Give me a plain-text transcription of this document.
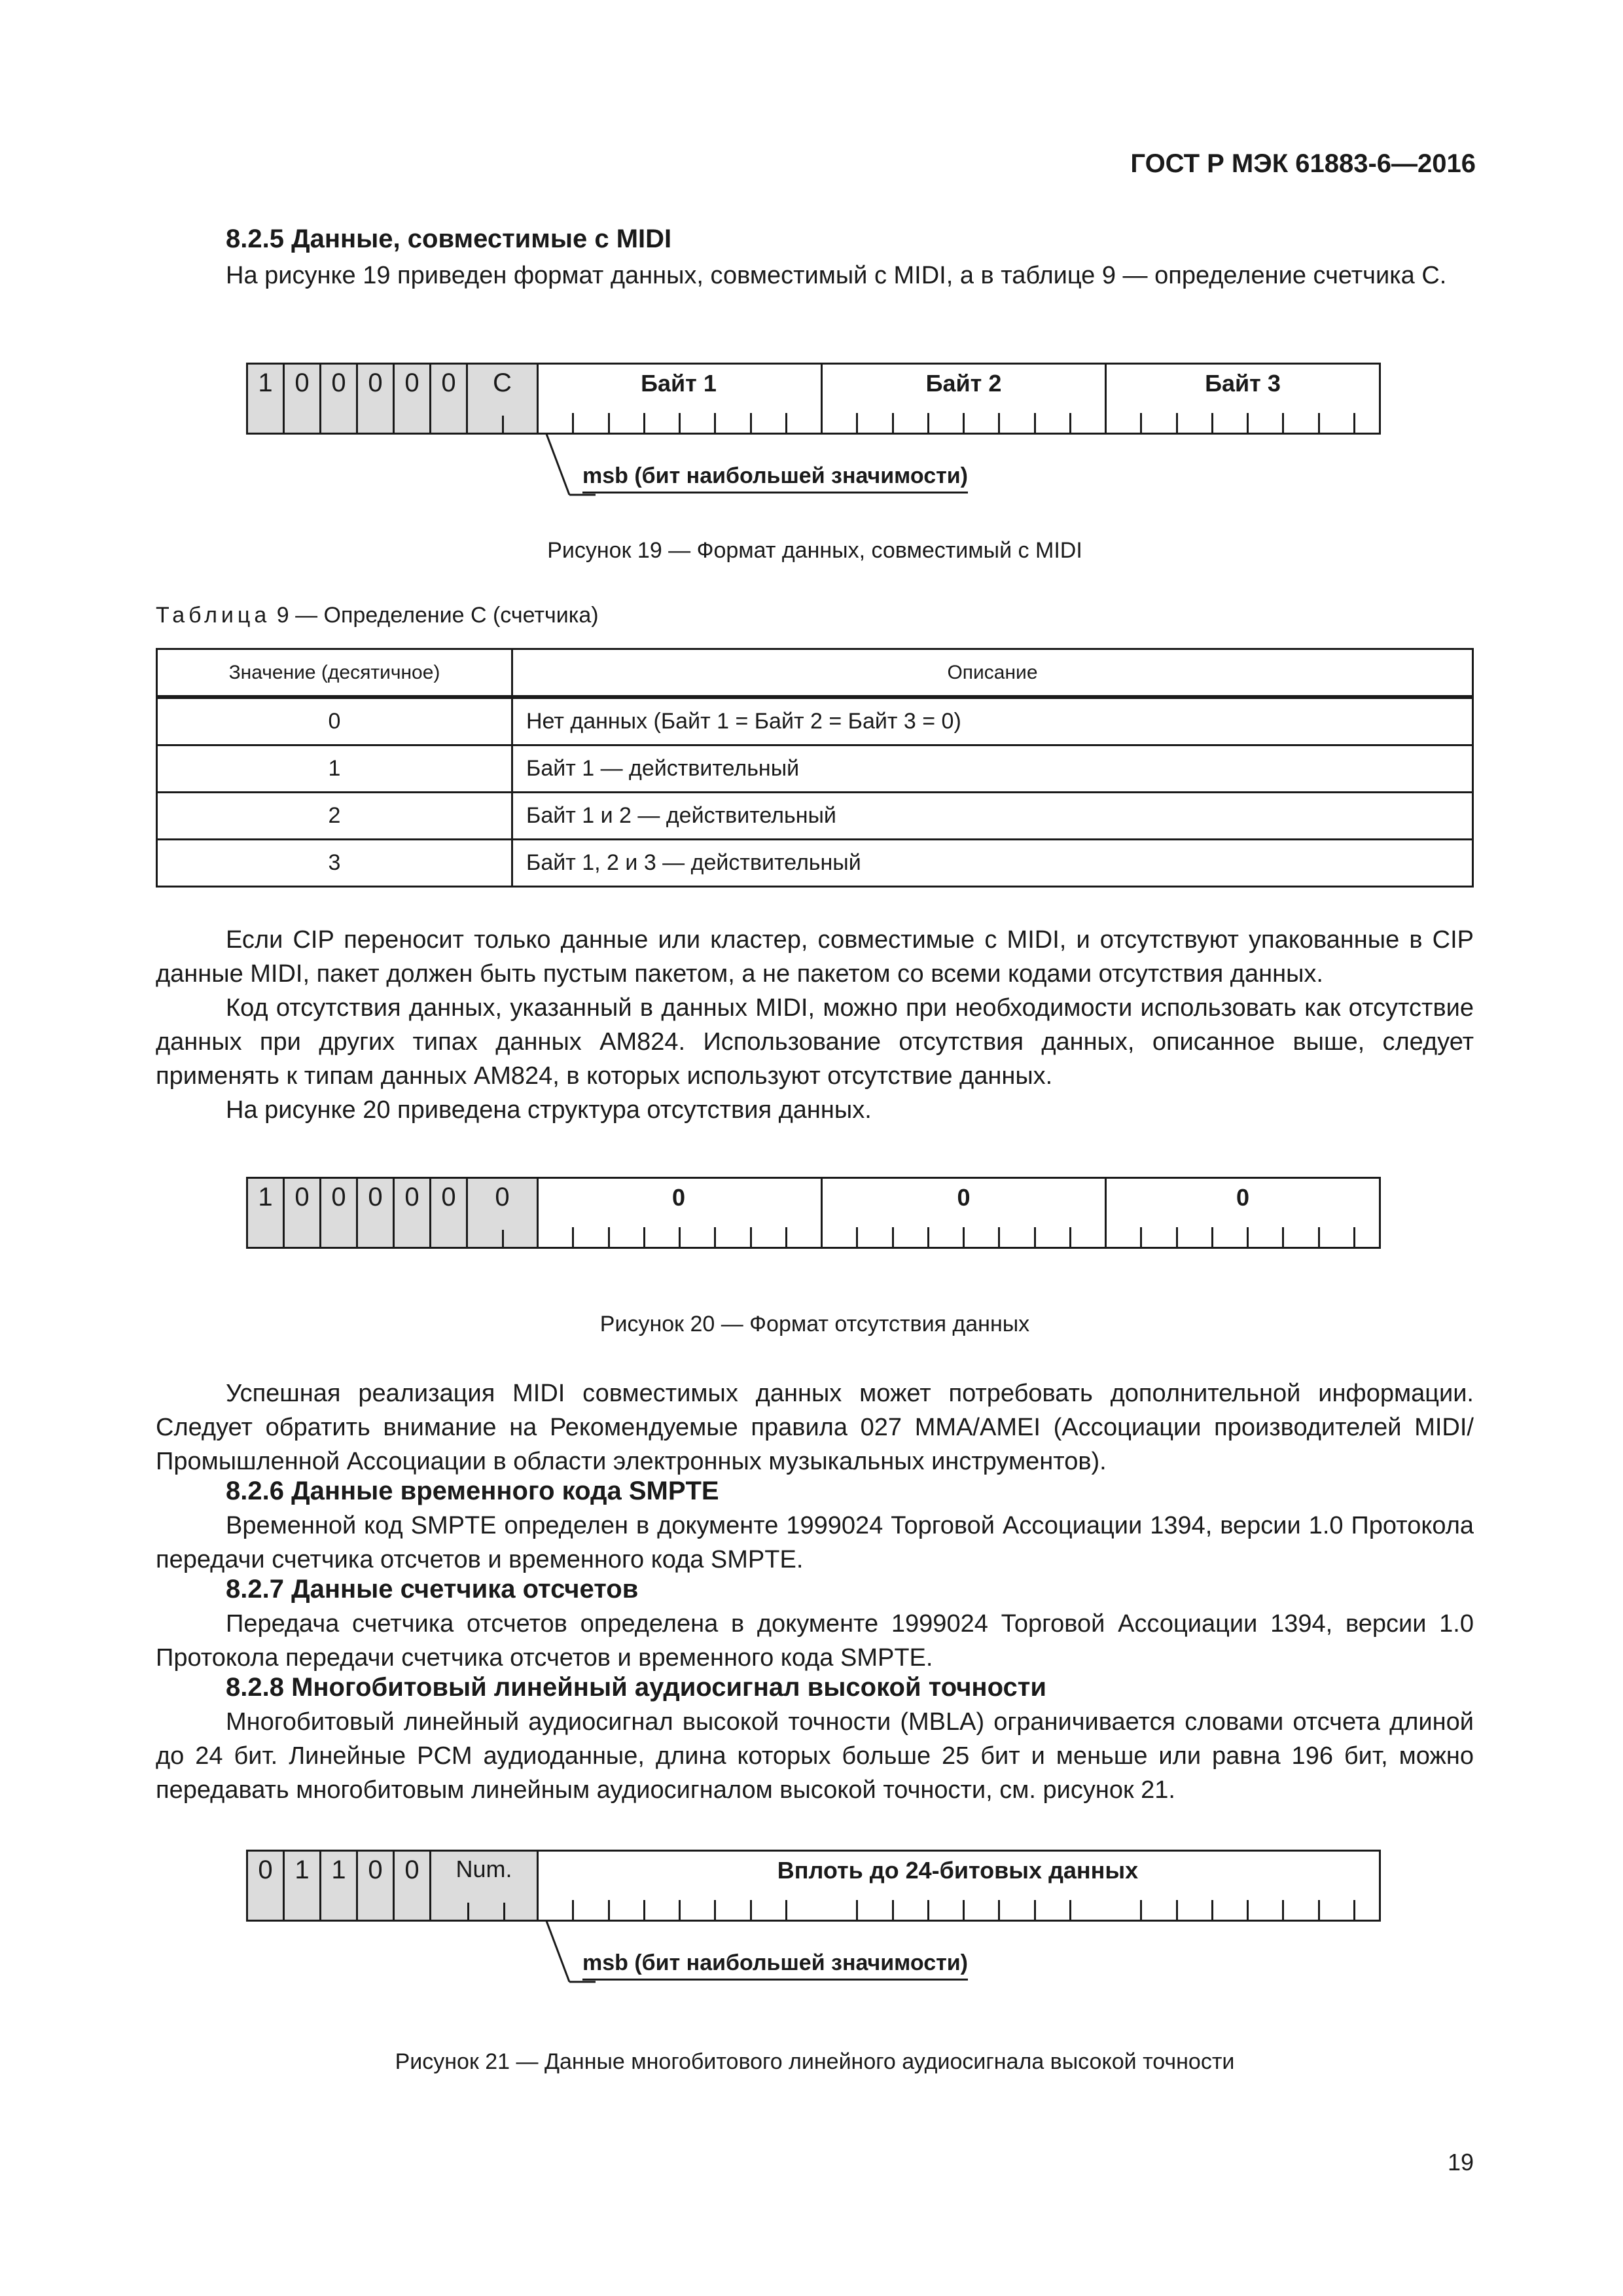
ГОСТ Р МЭК 61883-6—2016
8.2.5 Данные, совместимые с MIDI
На рисунке 19 приведен формат данных, совместимый с MIDI, а в таблице 9 — определение счетчика C.
1 0 0 0 0 0	C	Байт 1	Байт 2	Байт 3
msb (бит наибольшей значимости)
Рисунок 19 — Формат данных, совместимый с MIDI
Таблица 9 — Определение C (счетчика)
Значение (десятичное)	Описание
0	Нет данных (Байт 1 = Байт 2 = Байт 3 = 0)
1	Байт 1 — действительный
2	Байт 1 и 2 — действительный
3	Байт 1, 2 и 3 — действительный
Если CIP переносит только данные или кластер, совместимые с MIDI, и отсутствуют упакованные в CIP данные MIDI, пакет должен быть пустым пакетом, а не пакетом со всеми кодами отсутствия данных.
Код отсутствия данных, указанный в данных MIDI, можно при необходимости использовать как отсутствие данных при других типах данных AM824. Использование отсутствия данных, описанное выше, следует применять к типам данных AM824, в которых используют отсутствие данных.
На рисунке 20 приведена структура отсутствия данных.
1 0 0 0 0 0	0	0	0	0
Рисунок 20 — Формат отсутствия данных
Успешная реализация MIDI совместимых данных может потребовать дополнительной информации. Следует обратить внимание на Рекомендуемые правила 027 MMA/AMEI (Ассоциации производителей MIDI/Промышленной Ассоциации в области электронных музыкальных инструментов).
8.2.6 Данные временного кода SMPTE
Временной код SMPTE определен в документе 1999024 Торговой Ассоциации 1394, версии 1.0 Протокола передачи счетчика отсчетов и временного кода SMPTE.
8.2.7 Данные счетчика отсчетов
Передача счетчика отсчетов определена в документе 1999024 Торговой Ассоциации 1394, версии 1.0 Протокола передачи счетчика отсчетов и временного кода SMPTE.
8.2.8 Многобитовый линейный аудиосигнал высокой точности
Многобитовый линейный аудиосигнал высокой точности (MBLA) ограничивается словами отсчета длиной до 24 бит. Линейные PCM аудиоданные, длина которых больше 25 бит и меньше или равна 196 бит, можно передавать многобитовым линейным аудиосигналом высокой точности, см. рисунок 21.
0 1 1 0 0	Num.	Вплоть до 24-битовых данных
msb (бит наибольшей значимости)
Рисунок 21 — Данные многобитового линейного аудиосигнала высокой точности
19
